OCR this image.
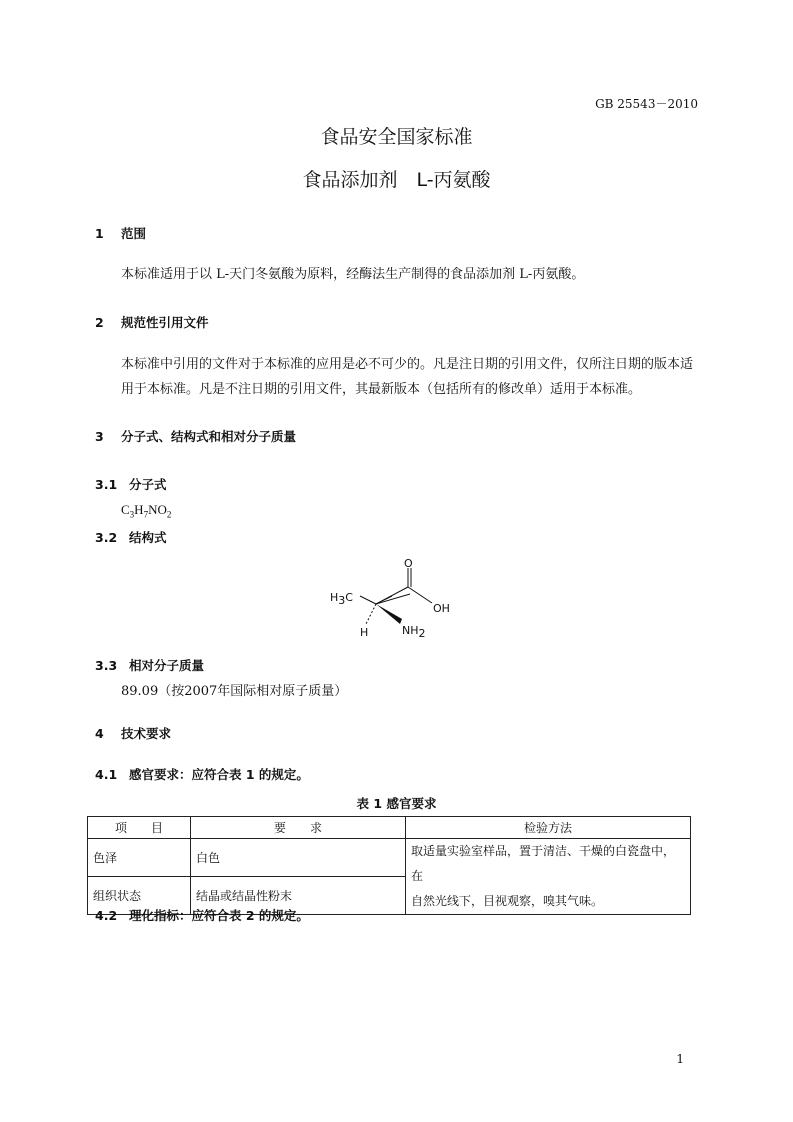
GB 25543－2010
食品安全国家标准
食品添加剂　L-丙氨酸
1 范围
本标准适用于以 L-天门冬氨酸为原料，经酶法生产制得的食品添加剂 L-丙氨酸。
2 规范性引用文件
本标准中引用的文件对于本标准的应用是必不可少的。凡是注日期的引用文件，仅所注日期的版本适用于本标准。凡是不注日期的引用文件，其最新版本（包括所有的修改单）适用于本标准。
3 分子式、结构式和相对分子质量
3.1 分子式
$C_3H_7NO_2$
3.2 结构式
O
OH
H3C
H	NH2
3.3 相对分子质量
89.09（按2007年国际相对原子质量）
4 技术要求
4.1 感官要求：应符合表 1 的规定。
表 1 感官要求
项　　目	要　　求	检验方法
色泽	白色	取适量实验室样品，置于清洁、干燥的白瓷盘中，在
自然光线下，目视观察，嗅其气味。

组织状态	结晶或结晶性粉末	
4.2 理化指标：应符合表 2 的规定。
1
